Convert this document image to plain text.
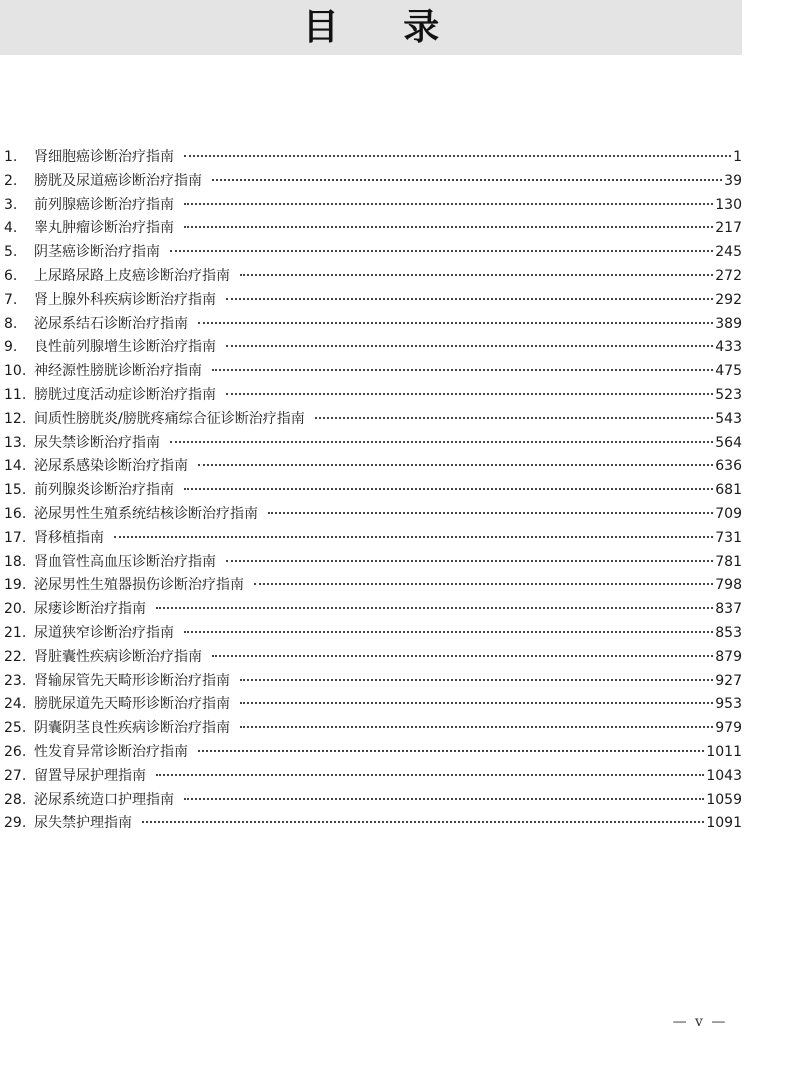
目 录
1.	肾细胞癌诊断治疗指南	1
2.	膀胱及尿道癌诊断治疗指南	39
3.	前列腺癌诊断治疗指南	130
4.	睾丸肿瘤诊断治疗指南	217
5.	阴茎癌诊断治疗指南	245
6.	上尿路尿路上皮癌诊断治疗指南	272
7.	肾上腺外科疾病诊断治疗指南	292
8.	泌尿系结石诊断治疗指南	389
9.	良性前列腺增生诊断治疗指南	433
10. 神经源性膀胱诊断治疗指南	475
11. 膀胱过度活动症诊断治疗指南	523
12. 间质性膀胱炎/膀胱疼痛综合征诊断治疗指南	543
13. 尿失禁诊断治疗指南	564
14. 泌尿系感染诊断治疗指南	636
15. 前列腺炎诊断治疗指南	681
16. 泌尿男性生殖系统结核诊断治疗指南	709
17. 肾移植指南	731
18. 肾血管性高血压诊断治疗指南	781
19. 泌尿男性生殖器损伤诊断治疗指南	798
20. 尿瘘诊断治疗指南	837
21. 尿道狭窄诊断治疗指南	853
22. 肾脏囊性疾病诊断治疗指南	879
23. 肾输尿管先天畸形诊断治疗指南	927
24. 膀胱尿道先天畸形诊断治疗指南	953
25. 阴囊阴茎良性疾病诊断治疗指南	979
26. 性发育异常诊断治疗指南	1011
27. 留置导尿护理指南	1043
28. 泌尿系统造口护理指南	1059
29. 尿失禁护理指南	1091
— v —
